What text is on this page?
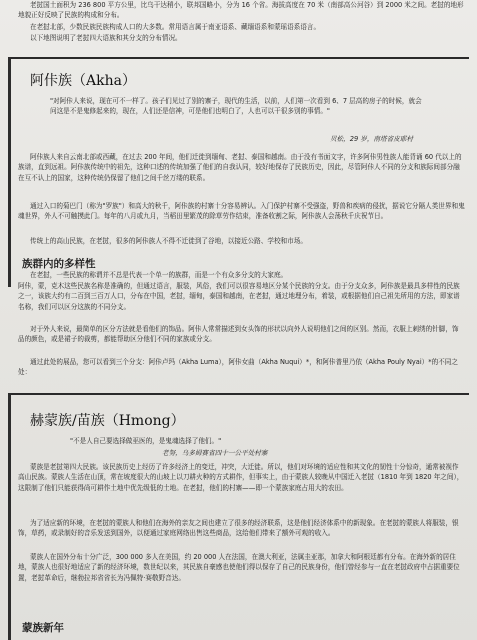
老挝国土面积为 236 800 平方公里，比乌干达稍小，联邦国略小，分为 16 个省。海拔高度在 70 米（南部高公河谷）到 2000 米之间。老挝的地形地貌正好反映了民族的构成和分布。

在老挝北部，少数民族民族构成人口的大多数。常用语言属于南亚语系、藏缅语系和蒙瑶语系语言。

以下地图说明了老挝四大语族和其分支的分布情况。

阿佧族（Akha）

"对阿佧人来说，现在可不一样了。孩子们见过了别的寨子，现代的生活，以前，人们第一次看到 6、7 层高的房子的时候，就会问这是不是鬼修起来的，现在，人们还是信神，可是他们也明白了，人也可以干很多别的事情。"

贝松，29 岁，南塔省皮耶村

阿佧族人来自云南北部或西藏，在过去 200 年间，他们迁徙到缅甸、老挝、泰国和越南。由于没有书面文字，许多阿佧男性族人能背诵 60 代以上的族谱，直到远祖。阿佧族传统中的祖先，这种口述的传统加强了他们的自我认同，较好地保存了民族历史，因此，尽管阿佧人不同的分支和族际间部分融在互不认上的国家，这种传统仍保留了他们之间千丝万缕的联系。

通过入口的菊巴门（称为"罗族"）和高大的秋千，阿佧族的村寨十分容易辨认。入门保护村寨不受强盗，野兽和疾病的侵扰，据说它分隔人类世界和鬼魂世界，外人不可触摸此门。每年的八月或九月，当稻田里繁茂的除草劳作结束，准备收割之际，阿佧族人会荡秋千庆祝节日。

传统上的高山民族，在老挝，很多的阿佧族人不得不迁徙到了谷地，以接近公路、学校和市场。

族群内的多样性

在老挝，一些民族的称谓并不总是代表一个单一的族群，而是一个有众多分支的大家庭。

阿佧，蒙，克木这些民族名称是准确的，但通过语言，服装，风俗，我们可以很容易地区分某个民族的分支。由于分支众多，阿佧族是最具多样性的民族之一，该族大约有二百到三百万人口，分布在中国，老挝，缅甸，泰国和越南，在老挝，通过地理分布，着装，或根据他们自己祖先所用的方法，即家谱名称，我们可以区分这族的不同分支。

对于外人来说，最简单的区分方法就是看他们的饰品。阿佧人常常描述到女头饰的形状以向外人说明他们之间的区别。然而，衣服上刺绣的针脚，饰品的颜色，或是裙子的裁剪，都能帮助区分他们不同的家族或分支。

通过此处的展品，您可以看到三个分支：阿佧卢玛（Akha Luma），阿佧女曲（Akha Nuqui）*，和阿佧普里乃依（Akha Pouly Nyai）*的不同之处：

赫蒙族/苗族（Hmong）

"不是人自己要选择做巫医的，是鬼魂选择了他们。"

老努，乌多姆赛省四十一公平处村寨

蒙族是老挝第四大民族。该民族历史上经历了许多经济上的变迁，冲突，大迁徙。所以，他们对环境的适应性和其文化的韧性十分惊奇，通常被视作高山民族。蒙族人生活在山顶，常在坡度很大的山坡上以刀耕火种的方式耕作，但事实上，由于蒙族人较晚从中国迁入老挝（1810 年到 1820 年之间），这限制了他们只能获得尚可耕作土地中优先级低的土地。在老挝，他们的村寨——即一个蒙族家庭占用大的农田。

为了适应新的环境，在老挝的蒙族人和他们在海外的亲友之间也建立了很多的经济联系，这是他们经济体系中的新现象。在老挝的蒙族人将服装，银饰，草药，或录制好的音乐发送到国外，以便通过家庭网络出售这些商品，这给他们带来了额外可观的收入。

蒙族人在国外分布十分广泛，300 000 多人在美国，约 20 000 人在法国，在澳大利亚，法属圭亚那，加拿大和阿根廷都有分布。在海外新的居住地，蒙族人也很好地适应了新的经济环境，数世纪以来，其民族自豪感也使他们得以保存了自己的民族身份，他们曾经参与一直在老挝政府中占据重要位置，老挝革命后，继勃拉邦省省长为冯佩特·赛敬野音达。

蒙族新年
